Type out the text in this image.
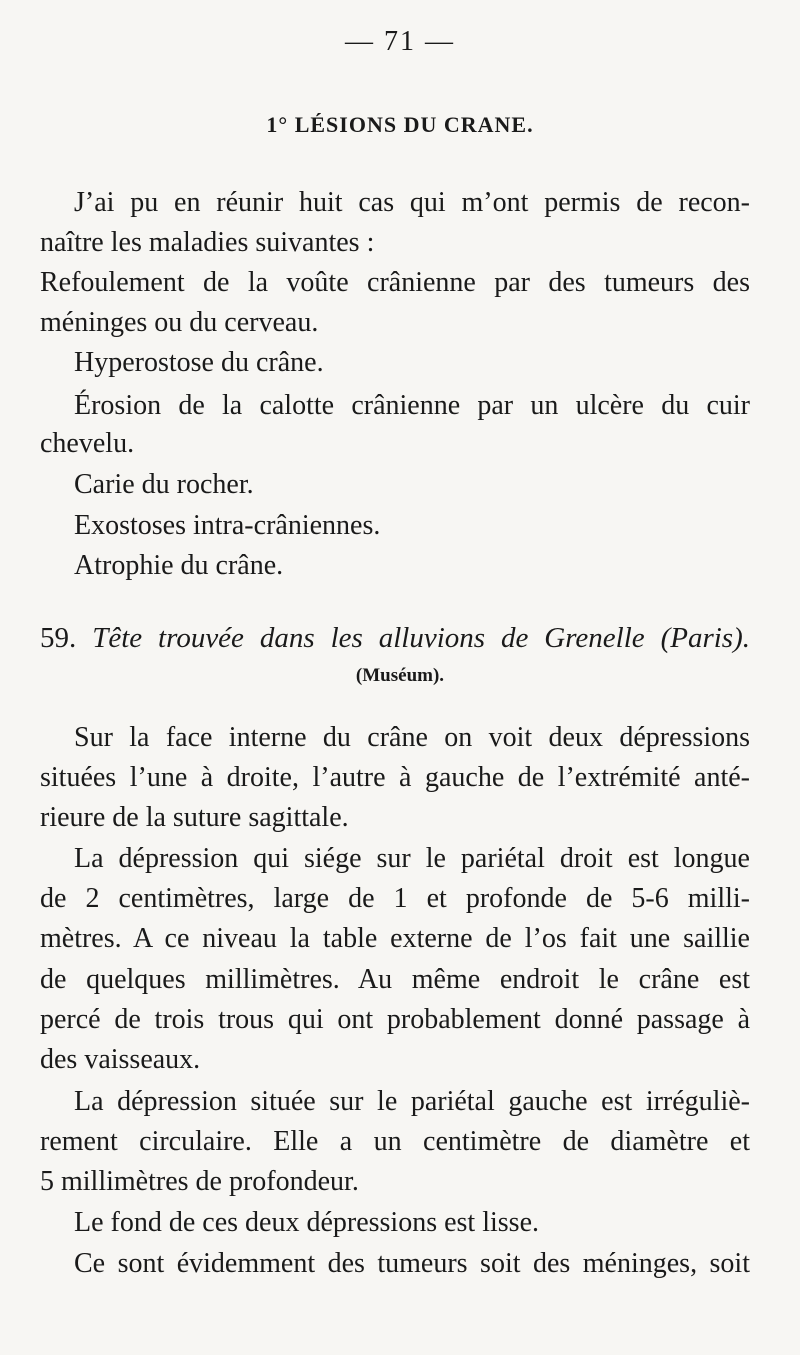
— 71 —
1° LÉSIONS DU CRANE.
J’ai pu en réunir huit cas qui m’ont permis de recon-
naître les maladies suivantes :
Refoulement de la voûte crânienne par des tumeurs des
méninges ou du cerveau.
Hyperostose du crâne.
Érosion de la calotte crânienne par un ulcère du cuir
chevelu.
Carie du rocher.
Exostoses intra-crâniennes.
Atrophie du crâne.
59. Tête trouvée dans les alluvions de Grenelle (Paris).
(Muséum).
Sur la face interne du crâne on voit deux dépressions
situées l’une à droite, l’autre à gauche de l’extrémité anté-
rieure de la suture sagittale.
La dépression qui siége sur le pariétal droit est longue
de 2 centimètres, large de 1 et profonde de 5-6 milli-
mètres. A ce niveau la table externe de l’os fait une saillie
de quelques millimètres. Au même endroit le crâne est
percé de trois trous qui ont probablement donné passage à
des vaisseaux.
La dépression située sur le pariétal gauche est irréguliè-
rement circulaire. Elle a un centimètre de diamètre et
5 millimètres de profondeur.
Le fond de ces deux dépressions est lisse.
Ce sont évidemment des tumeurs soit des méninges, soit
